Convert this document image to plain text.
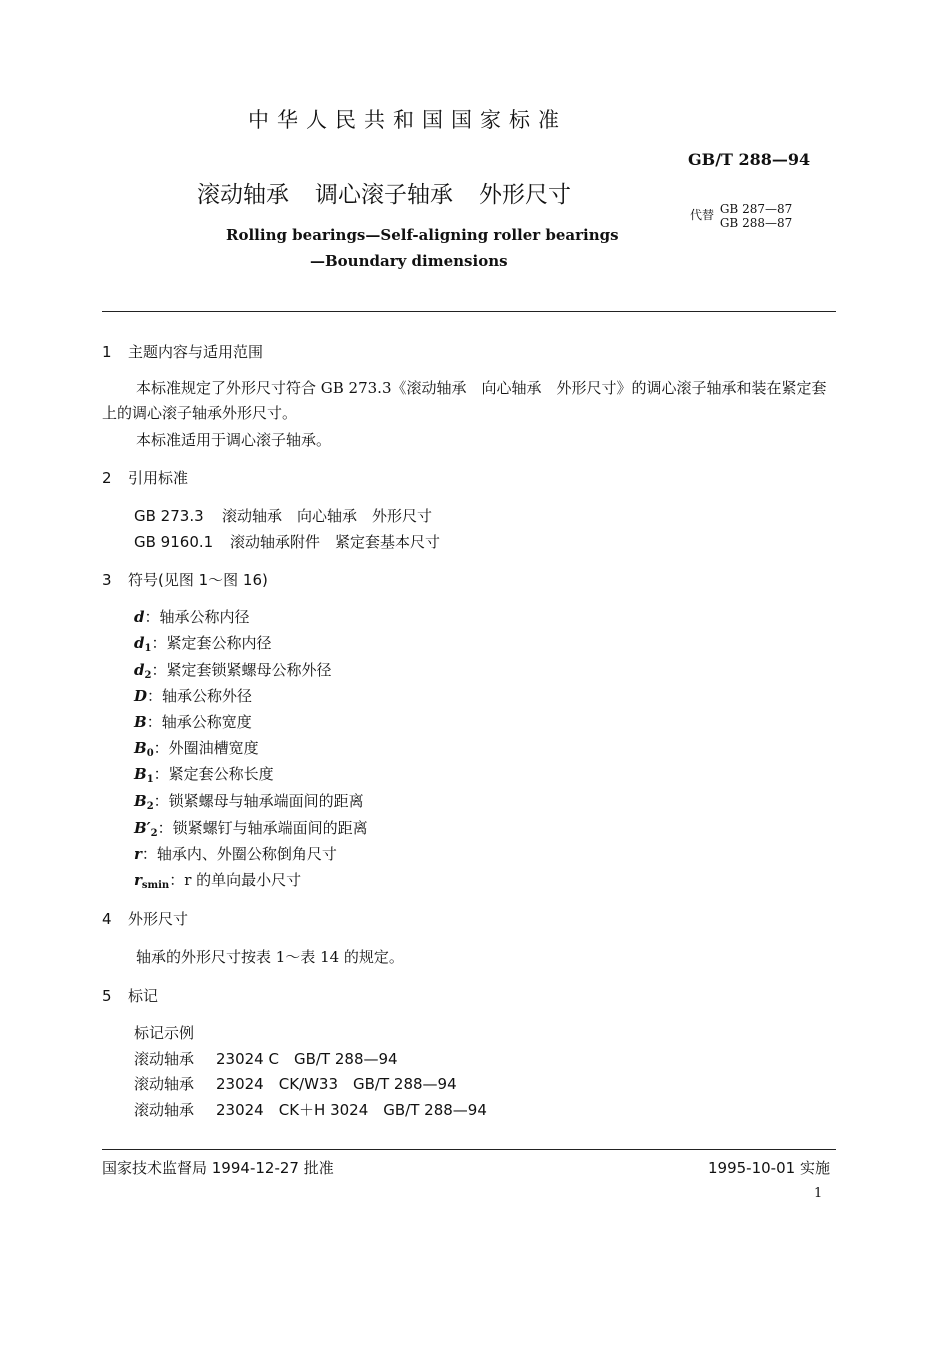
中华人民共和国国家标准
GB/T 288—94
滚动轴承 调心滚子轴承 外形尺寸
代替 GB 287—87
GB 288—87
Rolling bearings—Self-aligning roller bearings
—Boundary dimensions
1 主题内容与适用范围
本标准规定了外形尺寸符合 GB 273.3《滚动轴承　向心轴承　外形尺寸》的调心滚子轴承和装在紧定套上的调心滚子轴承外形尺寸。
本标准适用于调心滚子轴承。
2 引用标准
GB 273.3 滚动轴承　向心轴承　外形尺寸
GB 9160.1 滚动轴承附件　紧定套基本尺寸
3 符号(见图 1～图 16)
d：轴承公称内径
$d_1$：紧定套公称内径
$d_2$：紧定套锁紧螺母公称外径
D：轴承公称外径
B：轴承公称宽度
$B_0$：外圈油槽宽度
$B_1$：紧定套公称长度
$B_2$：锁紧螺母与轴承端面间的距离
$B'_2$：锁紧螺钉与轴承端面间的距离
r：轴承内、外圈公称倒角尺寸
$r_{smin}$：r 的单向最小尺寸
4 外形尺寸
轴承的外形尺寸按表 1～表 14 的规定。
5 标记
标记示例
滚动轴承 23024 C　GB/T 288—94
滚动轴承 23024　CK/W33　GB/T 288—94
滚动轴承 23024　CK＋H 3024　GB/T 288—94
国家技术监督局 1994-12-27 批准	1995-10-01 实施
1
